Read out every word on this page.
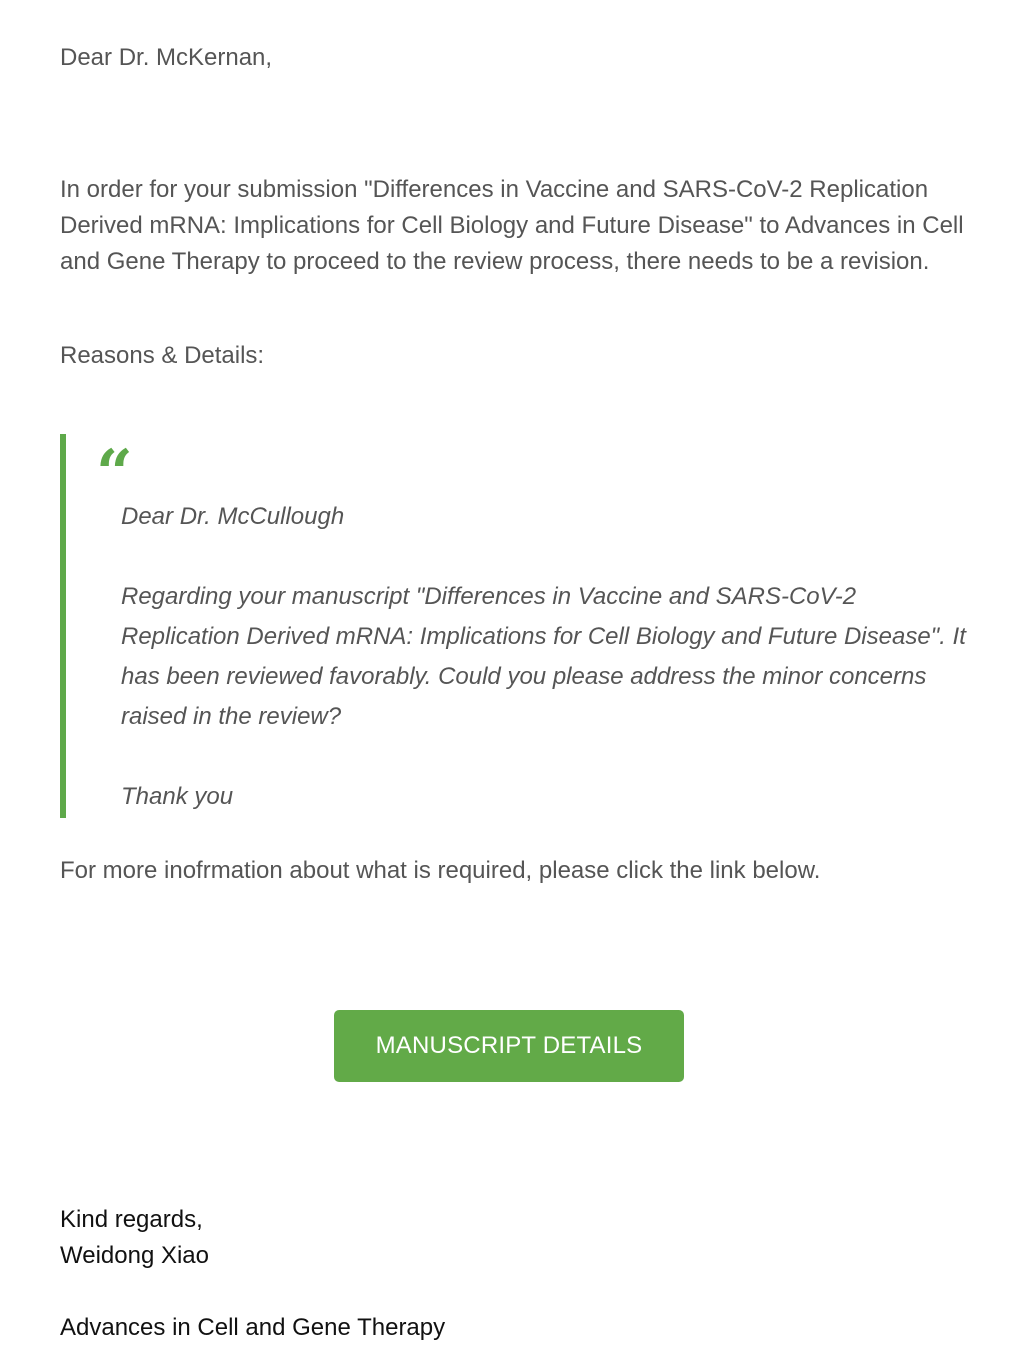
Dear Dr. McKernan,
In order for your submission "Differences in Vaccine and SARS-CoV-2 Replication Derived mRNA: Implications for Cell Biology and Future Disease" to Advances in Cell and Gene Therapy to proceed to the review process, there needs to be a revision.
Reasons & Details:
“

Dear Dr. McCullough

Regarding your manuscript "Differences in Vaccine and SARS-CoV-2 Replication Derived mRNA: Implications for Cell Biology and Future Disease". It has been reviewed favorably. Could you please address the minor concerns raised in the review?

Thank you

For more inofrmation about what is required, please click the link below.
MANUSCRIPT DETAILS
Kind regards,
Weidong Xiao
Advances in Cell and Gene Therapy
